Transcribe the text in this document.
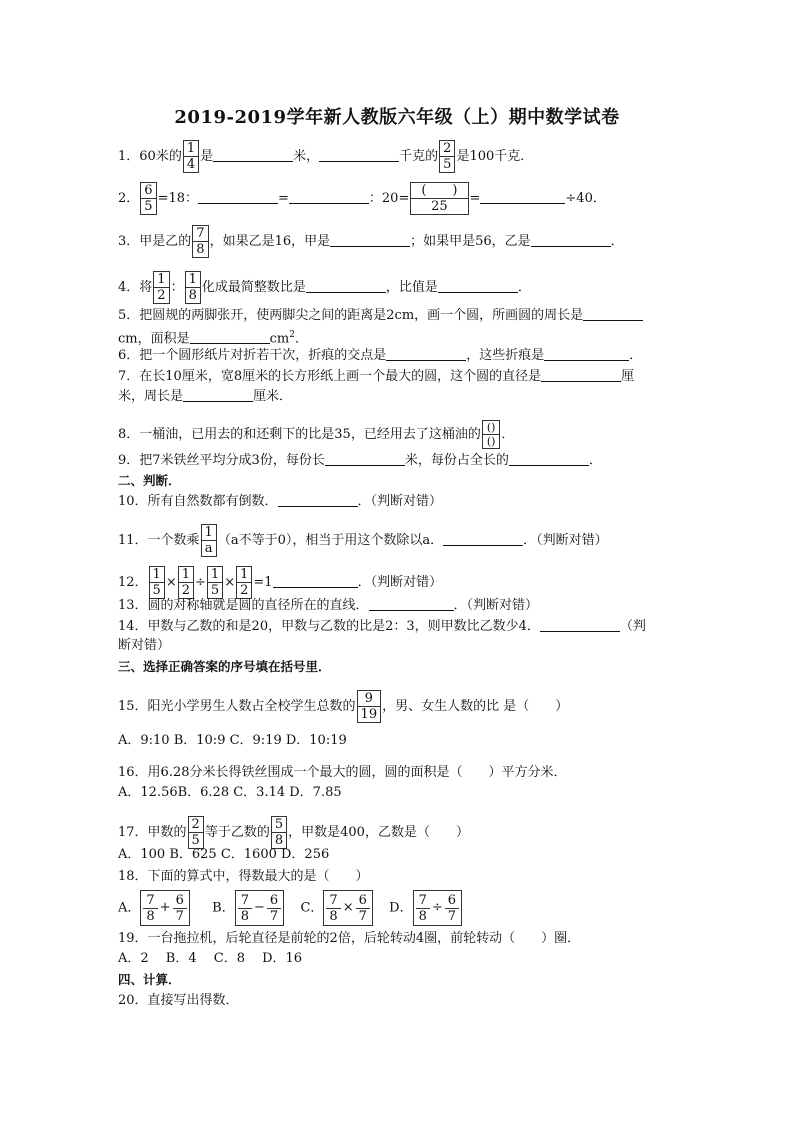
2019-2019学年新人教版六年级（上）期中数学试卷
1．60米的 $\frac{1}{4}$ 是	米，	千克的 $\frac{2}{5}$ 是100千克．
2． $\frac{6}{5} =18$：	=	：20=
(　　)
25
=	÷40．
3．甲是乙的 $\frac{7}{8}$ ，如果乙是16，甲是	；如果甲是56，乙是	．
4．将 $\frac{1}{2}$ ： $\frac{1}{8}$ 化成最简整数比是	，比值是	．
5．把圆规的两脚张开，使两脚尖之间的距离是2cm，画一个圆，所画圆的周长是
cm，面积是	$cm^2$．
6．把一个圆形纸片对折若干次，折痕的交点是	，这些折痕是	．
7．在长10厘米，宽8厘米的长方形纸上画一个最大的圆，这个圆的直径是	厘
米，周长是	厘米．
8．一桶油，已用去的和还剩下的比是35，已经用去了这桶油的 ()
() ．
9．把7米铁丝平均分成3份，每份长	米，每份占全长的	．
二、判断．
10．所有自然数都有倒数．	．（判断对错）
11．一个数乘 $\frac{1}{a} (a$不等于0），相当于用这个数除以a．	．（判断对错）
12． $\frac{1}{5} \times \frac{1}{2} \div \frac{1}{5} \times \frac{1}{2} =1$	．（判断对错）
13．圆的对称轴就是圆的直径所在的直线．	．（判断对错）
14．甲数与乙数的和是20，甲数与乙数的比是2：3，则甲数比乙数少4．	（判
断对错）
三、选择正确答案的序号填在括号里．
15．阳光小学男生人数占全校学生总数的 $\frac{9}{19}$ ，男、女生人数的比 是（　　）
A．9:10 B．10:9 C．9:19 D．10:19
16．用6.28分米长得铁丝围成一个最大的圆，圆的面积是（　　）平方分米．
A．12.56B．6.28 C．3.14 D．7.85
17．甲数的 $\frac{2}{5}$ 等于乙数的 $\frac{5}{8}$ ，甲数是400，乙数是（　　）
A．100 B．625 C．1600 D．256
18．下面的算式中，得数最大的是（　　）
A． $\frac{7}{8} + \frac{6}{7}$ B． $\frac{7}{8} - \frac{6}{7}$ C． $\frac{7}{8} \times \frac{6}{7}$ D． $\frac{7}{8} \div \frac{6}{7}$
19．一台拖拉机，后轮直径是前轮的2倍，后轮转动4圈，前轮转动（　　）圈．
A．2　 B．4　 C．8　 D．16
四、计算．
20．直接写出得数．
